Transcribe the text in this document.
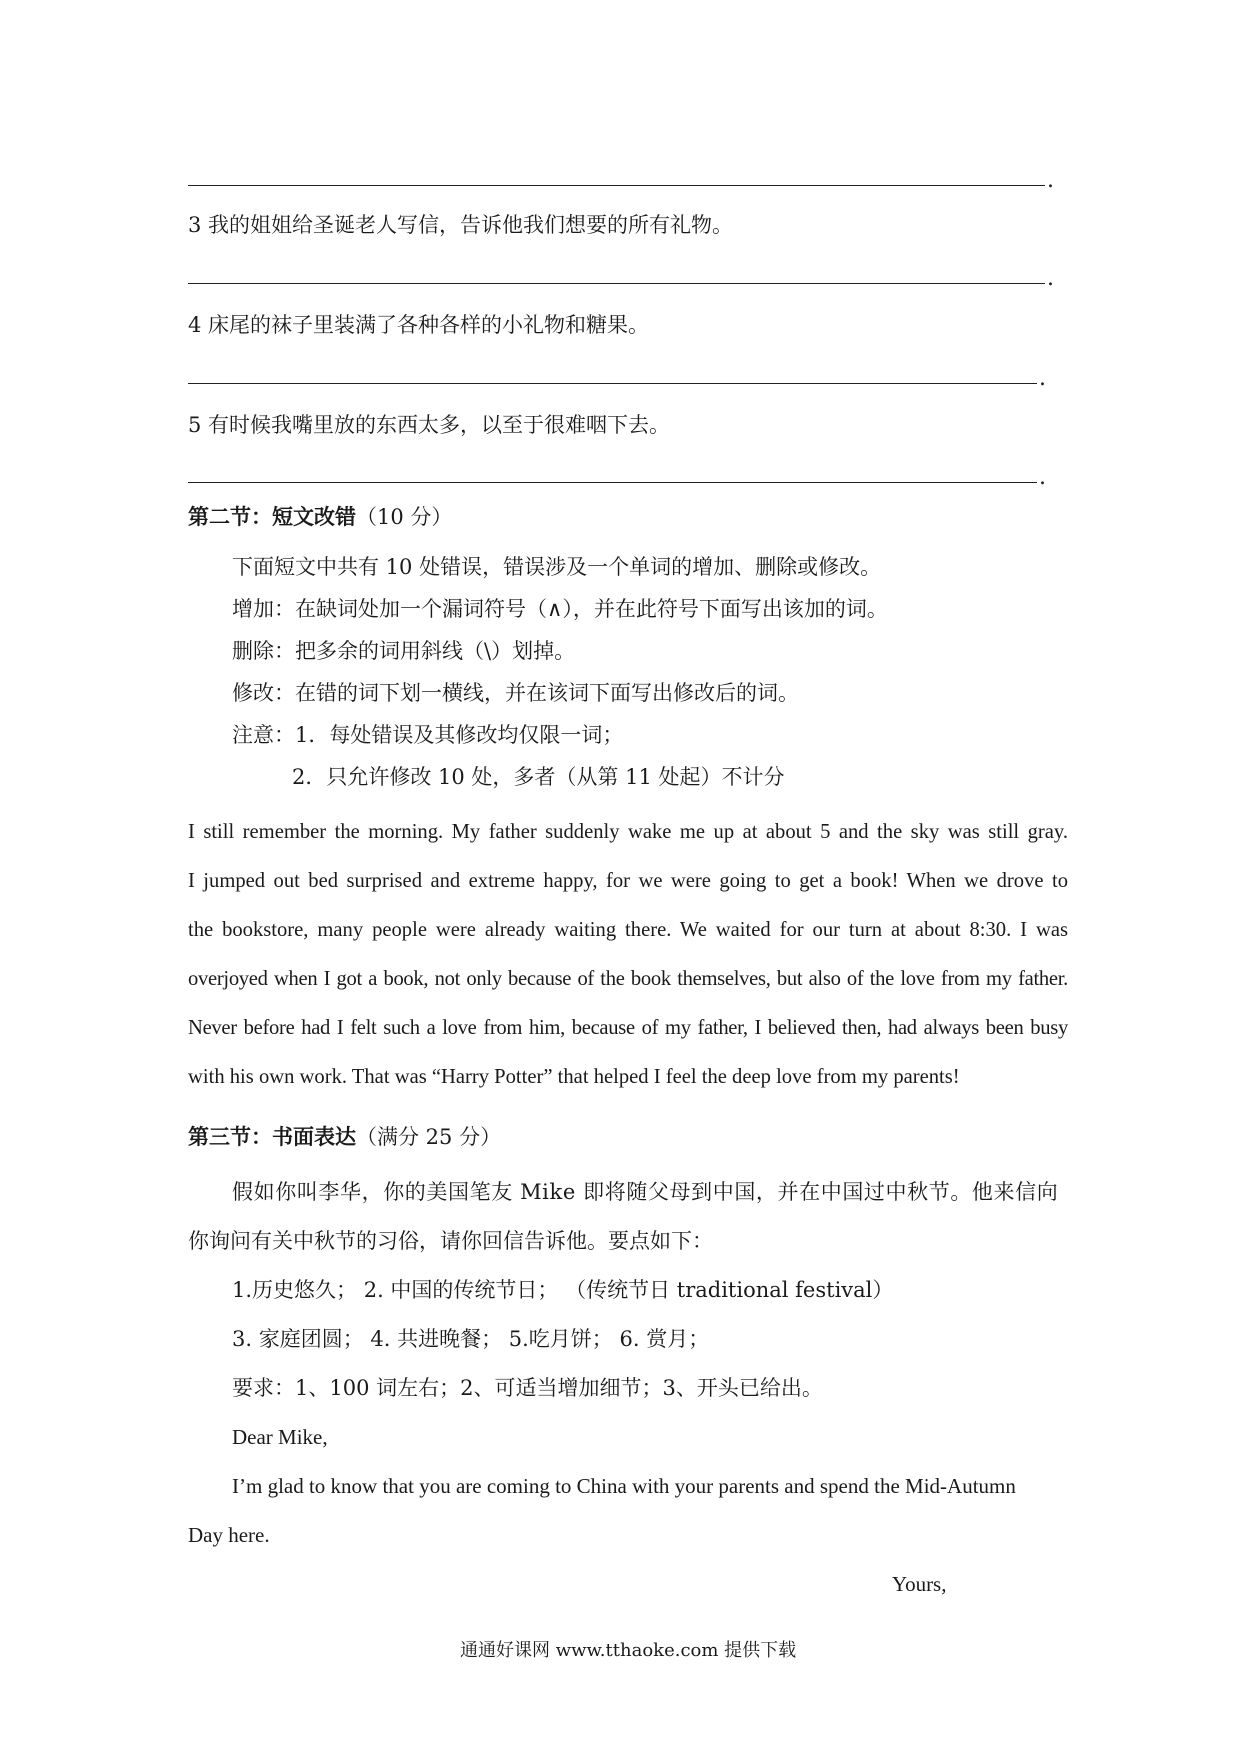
.
3 我的姐姐给圣诞老人写信，告诉他我们想要的所有礼物。
.
4 床尾的袜子里装满了各种各样的小礼物和糖果。
.
5 有时候我嘴里放的东西太多，以至于很难咽下去。
.
第二节：短文改错（10 分）
下面短文中共有 10 处错误，错误涉及一个单词的增加、删除或修改。
增加：在缺词处加一个漏词符号（∧），并在此符号下面写出该加的词。
删除：把多余的词用斜线（\）划掉。
修改：在错的词下划一横线，并在该词下面写出修改后的词。
注意：1．每处错误及其修改均仅限一词；
2．只允许修改 10 处，多者（从第 11 处起）不计分
I still remember the morning. My father suddenly wake me up at about 5 and the sky was still gray.
I jumped out bed surprised and extreme happy, for we were going to get a book! When we drove to
the bookstore, many people were already waiting there. We waited for our turn at about 8:30. I was
overjoyed when I got a book, not only because of the book themselves, but also of the love from my father.
Never before had I felt such a love from him, because of my father, I believed then, had always been busy
with his own work. That was “Harry Potter” that helped I feel the deep love from my parents!
第三节：书面表达（满分 25 分）
假如你叫李华，你的美国笔友 Mike 即将随父母到中国，并在中国过中秋节。他来信向
你询问有关中秋节的习俗，请你回信告诉他。要点如下：
1.历史悠久； 2. 中国的传统节日； （传统节日 traditional festival）
3. 家庭团圆； 4. 共进晚餐； 5.吃月饼； 6. 赏月；
要求：1、100 词左右；2、可适当增加细节；3、开头已给出。
Dear Mike,
I’m glad to know that you are coming to China with your parents and spend the Mid-Autumn
Day here.
Yours,
通通好课网 www.tthaoke.com 提供下载
